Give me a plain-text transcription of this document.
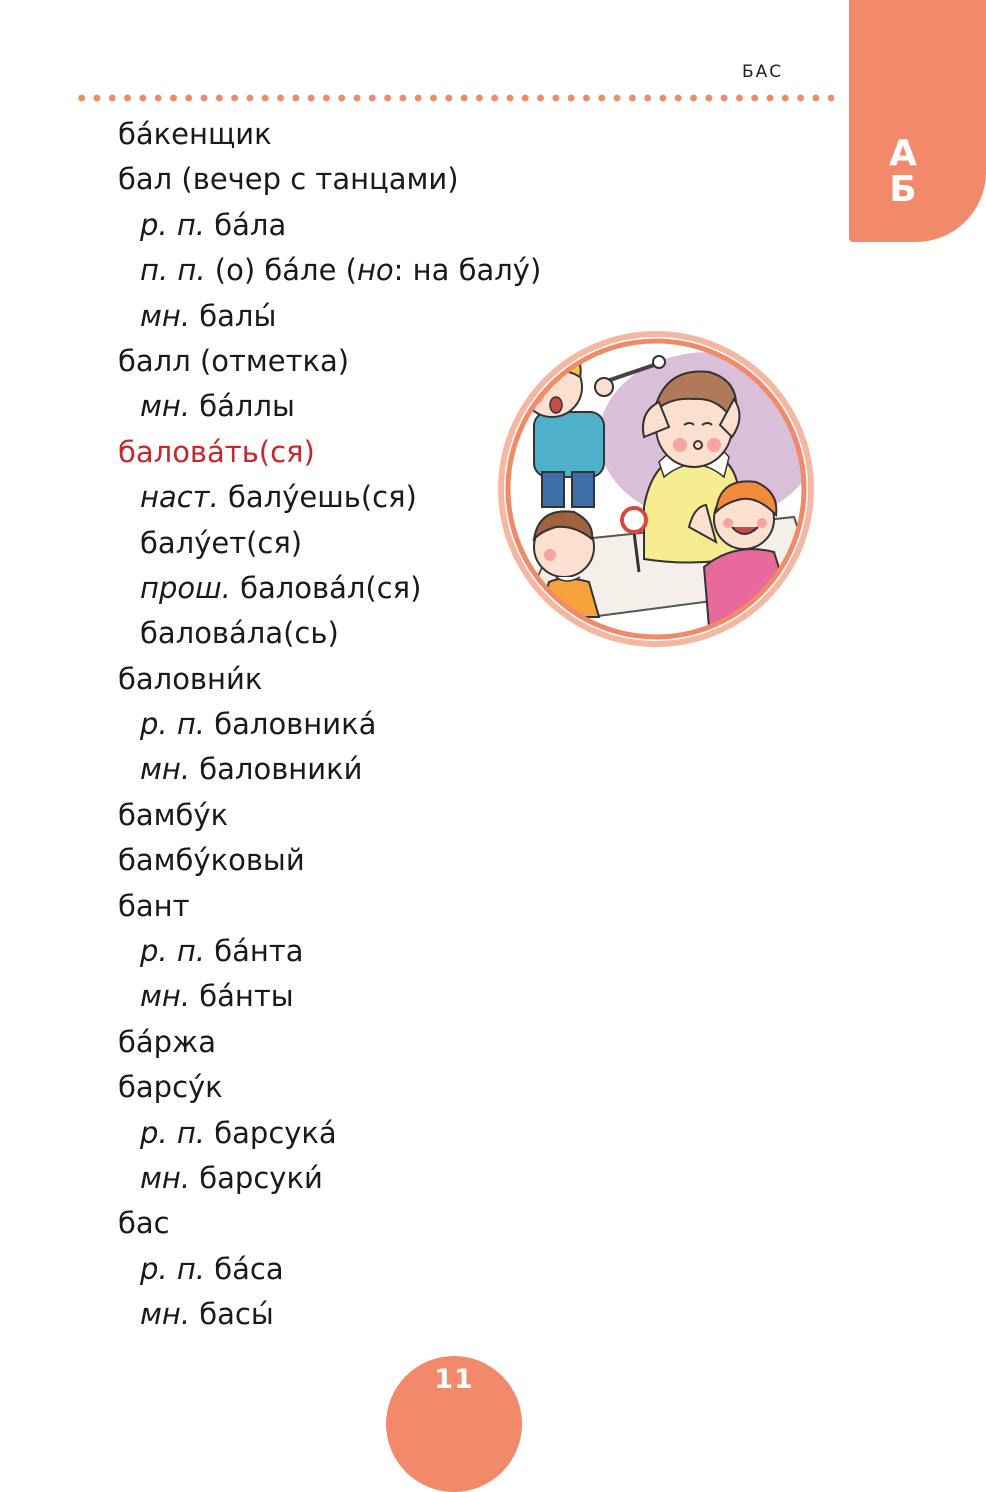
БАС
А
Б
ба́кенщик
бал (вечер с танцами)
р. п. ба́ла
п. п. (о) ба́ле (но: на балу́)
мн. балы́
балл (отметка)
мн. ба́ллы
балова́ть(ся)
наст. балу́ешь(ся)
балу́ет(ся)
прош. балова́л(ся)
балова́ла(сь)
баловни́к
р. п. баловника́
мн. баловники́
бамбу́к
бамбу́ковый
бант
р. п. ба́нта
мн. ба́нты
ба́ржа
барсу́к
р. п. барсука́
мн. барсуки́
бас
р. п. ба́са
мн. басы́
11
